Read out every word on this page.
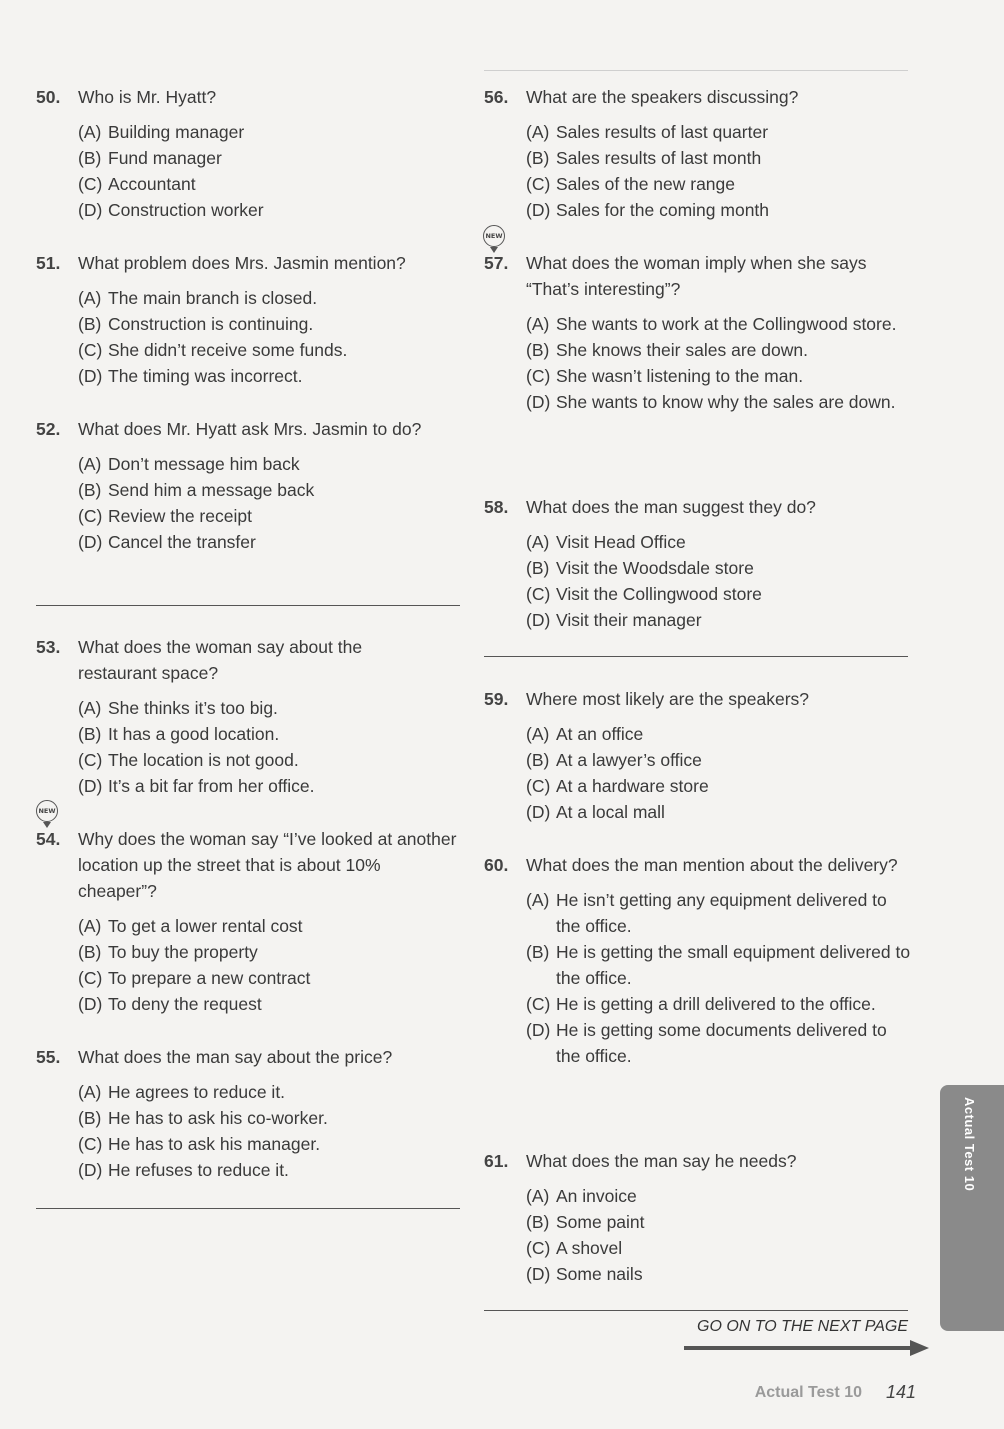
50.	Who is Mr. Hyatt?
(A) Building manager
(B) Fund manager
(C) Accountant
(D) Construction worker
51.	What problem does Mrs. Jasmin mention?
(A) The main branch is closed.
(B) Construction is continuing.
(C) She didn’t receive some funds.
(D) The timing was incorrect.
52.	What does Mr. Hyatt ask Mrs. Jasmin to do?
(A) Don’t message him back
(B) Send him a message back
(C) Review the receipt
(D) Cancel the transfer
53.	What does the woman say about the restaurant space?
(A) She thinks it’s too big.
(B) It has a good location.
(C) The location is not good.
(D) It’s a bit far from her office.
NEW
54.	Why does the woman say “I’ve looked at another location up the street that is about 10% cheaper”?
(A) To get a lower rental cost
(B) To buy the property
(C) To prepare a new contract
(D) To deny the request
55.	What does the man say about the price?
(A) He agrees to reduce it.
(B) He has to ask his co-worker.
(C) He has to ask his manager.
(D) He refuses to reduce it.
56.	What are the speakers discussing?
(A) Sales results of last quarter
(B) Sales results of last month
(C) Sales of the new range
(D) Sales for the coming month
NEW
57.	What does the woman imply when she says “That’s interesting”?
(A) She wants to work at the Collingwood store.
(B) She knows their sales are down.
(C) She wasn’t listening to the man.
(D) She wants to know why the sales are down.
58.	What does the man suggest they do?
(A) Visit Head Office
(B) Visit the Woodsdale store
(C) Visit the Collingwood store
(D) Visit their manager
59.	Where most likely are the speakers?
(A) At an office
(B) At a lawyer’s office
(C) At a hardware store
(D) At a local mall
60.	What does the man mention about the delivery?
(A) He isn’t getting any equipment delivered to the office.
(B) He is getting the small equipment delivered to the office.
(C) He is getting a drill delivered to the office.
(D) He is getting some documents delivered to the office.
61.	What does the man say he needs?
(A) An invoice
(B) Some paint
(C) A shovel
(D) Some nails
Actual Test 10
GO ON TO THE NEXT PAGE
Actual Test 10	141
